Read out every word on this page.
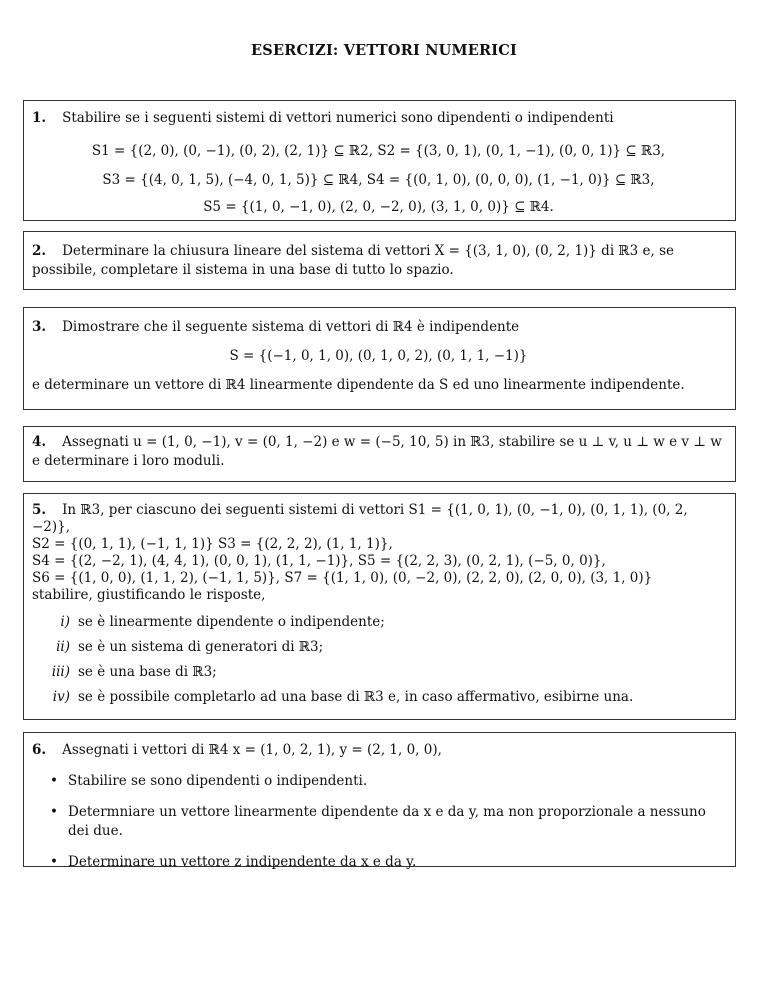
ESERCIZI: VETTORI NUMERICI
1. Stabilire se i seguenti sistemi di vettori numerici sono dipendenti o indipendenti
S1 = {(2, 0), (0, −1), (0, 2), (2, 1)} ⊆ ℝ2, S2 = {(3, 0, 1), (0, 1, −1), (0, 0, 1)} ⊆ ℝ3,
S3 = {(4, 0, 1, 5), (−4, 0, 1, 5)} ⊆ ℝ4, S4 = {(0, 1, 0), (0, 0, 0), (1, −1, 0)} ⊆ ℝ3,
S5 = {(1, 0, −1, 0), (2, 0, −2, 0), (3, 1, 0, 0)} ⊆ ℝ4.
2. Determinare la chiusura lineare del sistema di vettori X = {(3, 1, 0), (0, 2, 1)} di ℝ3 e, se possibile, completare il sistema in una base di tutto lo spazio.
3. Dimostrare che il seguente sistema di vettori di ℝ4 è indipendente
S = {(−1, 0, 1, 0), (0, 1, 0, 2), (0, 1, 1, −1)}
e determinare un vettore di ℝ4 linearmente dipendente da S ed uno linearmente indipendente.
4. Assegnati u = (1, 0, −1), v = (0, 1, −2) e w = (−5, 10, 5) in ℝ3, stabilire se u ⊥ v, u ⊥ w e v ⊥ w e determinare i loro moduli.
5. In ℝ3, per ciascuno dei seguenti sistemi di vettori S1 = {(1, 0, 1), (0, −1, 0), (0, 1, 1), (0, 2, −2)},
S2 = {(0, 1, 1), (−1, 1, 1)} S3 = {(2, 2, 2), (1, 1, 1)},
S4 = {(2, −2, 1), (4, 4, 1), (0, 0, 1), (1, 1, −1)}, S5 = {(2, 2, 3), (0, 2, 1), (−5, 0, 0)},
S6 = {(1, 0, 0), (1, 1, 2), (−1, 1, 5)}, S7 = {(1, 1, 0), (0, −2, 0), (2, 2, 0), (2, 0, 0), (3, 1, 0)}
stabilire, giustificando le risposte,
i) se è linearmente dipendente o indipendente;
ii) se è un sistema di generatori di ℝ3;
iii) se è una base di ℝ3;
iv) se è possibile completarlo ad una base di ℝ3 e, in caso affermativo, esibirne una.
6. Assegnati i vettori di ℝ4 x = (1, 0, 2, 1), y = (2, 1, 0, 0),
• Stabilire se sono dipendenti o indipendenti.
• Determniare un vettore linearmente dipendente da x e da y, ma non proporzionale a nessuno dei due.
• Determinare un vettore z indipendente da x e da y.
